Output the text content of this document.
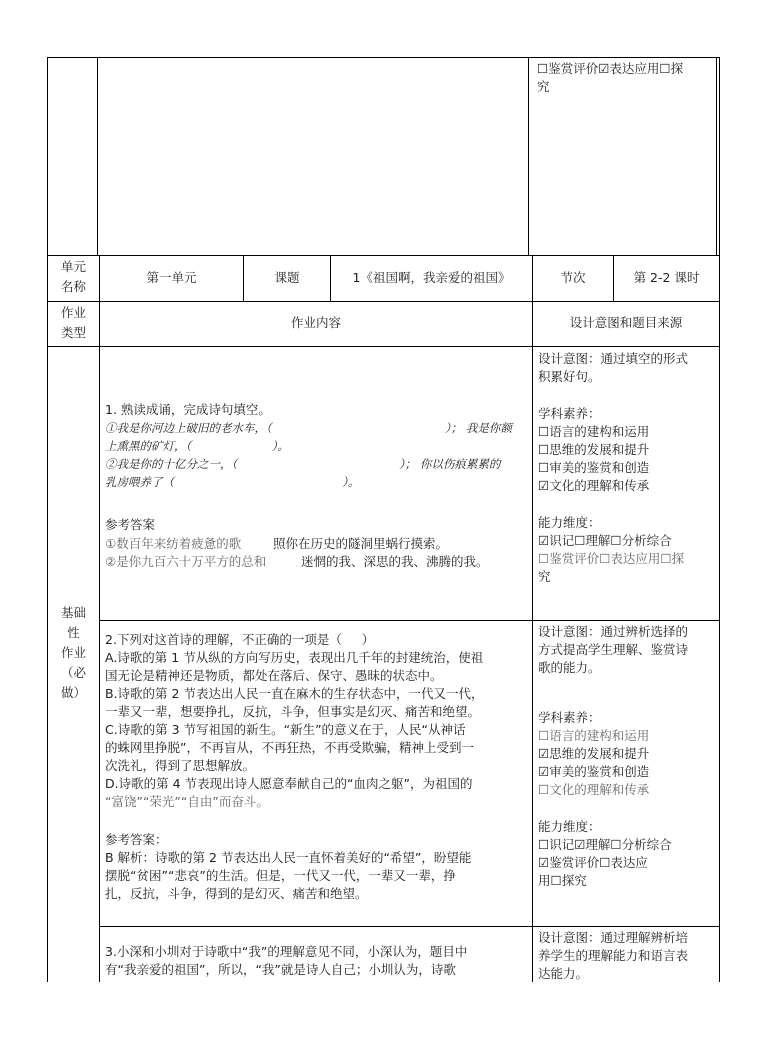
☐鉴赏评价☑表达应用☐探
究
单元
名称
第一单元	课题	1《祖国啊，我亲爱的祖国》	节次	第 2-2 课时
作业
类型
作业内容	设计意图和题目来源
基础
性
作业
（必
做）
1. 熟读成诵，完成诗句填空。
①我是你河边上破旧的老水车，（	）； 我是你额
上熏黑的矿灯，（                      ）。
②我是你的十亿分之一，（	）； 你以伤痕累累的
乳房喂养了（                                              ）。
参考答案
①数百年来纺着疲惫的歌	照你在历史的隧洞里蜗行摸索。
②是你九百六十万平方的总和	迷惘的我、深思的我、沸腾的我。
设计意图：通过填空的形式
积累好句。
学科素养：
☐语言的建构和运用
☐思维的发展和提升
☐审美的鉴赏和创造
☑文化的理解和传承
能力维度：
☑识记☐理解☐分析综合
☐鉴赏评价☐表达应用☐探
究
2.下列对这首诗的理解，不正确的一项是（     ）
A.诗歌的第 1 节从纵的方向写历史，表现出几千年的封建统治，使祖
国无论是精神还是物质，都处在落后、保守、愚昧的状态中。
B.诗歌的第 2 节表达出人民一直在麻木的生存状态中，一代又一代，
一辈又一辈，想要挣扎，反抗，斗争，但事实是幻灭、痛苦和绝望。
C.诗歌的第 3 节写祖国的新生。“新生”的意义在于，人民“从神话
的蛛网里挣脱”，不再盲从，不再狂热，不再受欺骗，精神上受到一
次洗礼，得到了思想解放。
D.诗歌的第 4 节表现出诗人愿意奉献自己的“血肉之躯”，为祖国的
“富饶”“荣光”“自由”而奋斗。
参考答案：
B 解析：诗歌的第 2 节表达出人民一直怀着美好的“希望”，盼望能
摆脱“贫困”“悲哀”的生活。但是，一代又一代，一辈又一辈，挣
扎，反抗，斗争，得到的是幻灭、痛苦和绝望。
设计意图：通过辨析选择的
方式提高学生理解、鉴赏诗
歌的能力。
学科素养：
☐语言的建构和运用
☑思维的发展和提升
☑审美的鉴赏和创造
☐文化的理解和传承
能力维度：
☐识记☑理解☐分析综合
☑鉴赏评价☐表达应
用☐探究
3.小深和小圳对于诗歌中“我”的理解意见不同，小深认为，题目中
有“我亲爱的祖国”，所以，“我”就是诗人自己；小圳认为，诗歌
设计意图：通过理解辨析培
养学生的理解能力和语言表
达能力。
